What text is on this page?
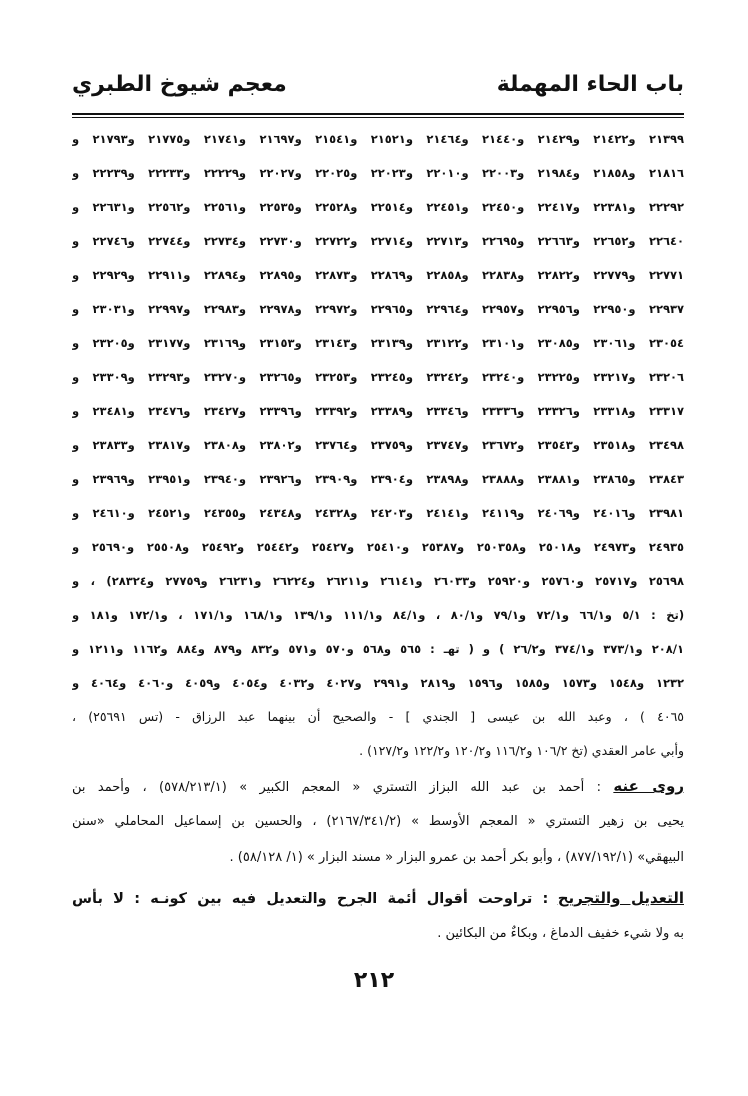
باب الحاء المهملة
معجم شيوخ الطبري
٢١٣٩٩ و٢١٤٢٢ و٢١٤٢٩ و٢١٤٤٠ و٢١٤٦٤ و٢١٥٢١ و٢١٥٤١ و٢١٦٩٧ و٢١٧٤١ و٢١٧٧٥ و٢١٧٩٣ و
٢١٨١٦ و٢١٨٥٨ و٢١٩٨٤ و٢٢٠٠٣ و٢٢٠١٠ و٢٢٠٢٣ و٢٢٠٢٥ و٢٢٠٢٧ و٢٢٢٢٩ و٢٢٢٣٣ و٢٢٢٣٩ و
٢٢٢٩٢ و٢٢٣٨١ و٢٢٤١٧ و٢٢٤٥٠ و٢٢٤٥١ و٢٢٥١٤ و٢٢٥٢٨ و٢٢٥٣٥ و٢٢٥٦١ و٢٢٥٦٢ و٢٢٦٣١ و
٢٢٦٤٠ و٢٢٦٥٢ و٢٢٦٦٣ و٢٢٦٩٥ و٢٢٧١٣ و٢٢٧١٤ و٢٢٧٢٢ و٢٢٧٣٠ و٢٢٧٣٤ و٢٢٧٤٤ و٢٢٧٤٦ و
٢٢٧٧١ و٢٢٧٧٩ و٢٢٨٢٢ و٢٢٨٣٨ و٢٢٨٥٨ و٢٢٨٦٩ و٢٢٨٧٣ و٢٢٨٩٥ و٢٢٨٩٤ و٢٢٩١١ و٢٢٩٢٩ و
٢٢٩٣٧ و٢٢٩٥٠ و٢٢٩٥٦ و٢٢٩٥٧ و٢٢٩٦٤ و٢٢٩٦٥ و٢٢٩٧٢ و٢٢٩٧٨ و٢٢٩٨٣ و٢٢٩٩٧ و٢٣٠٣١ و
٢٣٠٥٤ و٢٣٠٦١ و٢٣٠٨٥ و٢٣١٠١ و٢٣١٢٢ و٢٣١٣٩ و٢٣١٤٣ و٢٣١٥٣ و٢٣١٦٩ و٢٣١٧٧ و٢٣٢٠٥ و
٢٣٢٠٦ و٢٣٢١٧ و٢٣٢٢٥ و٢٣٢٤٠ و٢٣٢٤٢ و٢٣٢٤٥ و٢٣٢٥٣ و٢٣٢٦٥ و٢٣٢٧٠ و٢٣٢٩٣ و٢٣٣٠٩ و
٢٣٣١٧ و٢٣٣١٨ و٢٣٣٢٦ و٢٣٣٣٦ و٢٣٣٤٦ و٢٣٣٨٩ و٢٣٣٩٢ و٢٣٣٩٦ و٢٣٤٢٧ و٢٣٤٧٦ و٢٣٤٨١ و
٢٣٤٩٨ و٢٣٥١٨ و٢٣٥٤٣ و٢٣٦٧٢ و٢٣٧٤٧ و٢٣٧٥٩ و٢٣٧٦٤ و٢٣٨٠٢ و٢٣٨٠٨ و٢٣٨١٧ و٢٣٨٣٣ و
٢٣٨٤٣ و٢٣٨٦٥ و٢٣٨٨١ و٢٣٨٨٨ و٢٣٨٩٨ و٢٣٩٠٤ و٢٣٩٠٩ و٢٣٩٢٦ و٢٣٩٤٠ و٢٣٩٥١ و٢٣٩٦٩ و
٢٣٩٨١ و٢٤٠١٦ و٢٤٠٦٩ و٢٤١١٩ و٢٤١٤١ و٢٤٢٠٣ و٢٤٣٢٨ و٢٤٣٤٨ و٢٤٣٥٥ و٢٤٥٢١ و٢٤٦١٠ و
٢٤٩٣٥ و٢٤٩٧٣ و٢٥٠١٨ و٢٥٠٣٥٨ و٢٥٣٨٧ و٢٥٤١٠ و٢٥٤٢٧ و٢٥٤٤٢ و٢٥٤٩٢ و٢٥٥٠٨ و٢٥٦٩٠ و
٢٥٦٩٨ و٢٥٧١٧ و٢٥٧٦٠ و٢٥٩٢٠ و٢٦٠٣٣ و٢٦١٤١ و٢٦٢١١ و٢٦٢٢٤ و٢٦٢٣١ و٢٧٧٥٩ و٢٨٣٢٤) ، و
(تخ : ٥/١ و٦٦/١ و٧٢/١ و٧٩/١ و٨٠/١ ، و٨٤/١ و١١١/١ و١٣٩/١ و١٦٨/١ و١٧١/١ ، و١٧٢/١ و١٨١ و
٢٠٨/١ و٣٧٣/١ و٣٧٤/١ و٢٦/٢ ) و ( تهـ : ٥٦٥ و٥٦٨ و٥٧٠ و٥٧١ و٨٣٢ و٨٧٩ و٨٨٤ و١١٦٢ و١٢١١ و
١٢٣٢ و١٥٤٨ و١٥٧٣ و١٥٨٥ و١٥٩٦ و٢٨١٩ و٢٩٩١ و٤٠٢٧ و٤٠٣٢ و٤٠٥٤ و٤٠٥٩ و٤٠٦٠ و٤٠٦٤ و
٤٠٦٥ ) ، وعبد الله بن عيسى [ الجندي ] - والصحيح أن بينهما عبد الرزاق - (تس ٢٥٦٩١) ،
وأبي عامر العقدي (تخ ١٠٦/٢ و١١٦/٢ و١٢٠/٢ و١٢٢/٢ و١٢٧/٢) .
روى عنه : أحمد بن عبد الله البزاز التستري « المعجم الكبير » (٥٧٨/٢١٣/١) ، وأحمد بن
يحيى بن زهير التستري « المعجم الأوسط » (٢١٦٧/٣٤١/٢) ، والحسين بن إسماعيل المحاملي «سنن
البيهقي» (٨٧٧/١٩٢/١) ، وأبو بكر أحمد بن عمرو البزار « مسند البزار » (١/ ٥٨/١٢٨) .
التعديل والتجريح : تراوحت أقوال أئمة الجرح والتعديل فيه بين كونـه : لا بأس
به ولا شيء خفيف الدماغ ، وبكاءٌ من البكائين .
٢١٢
